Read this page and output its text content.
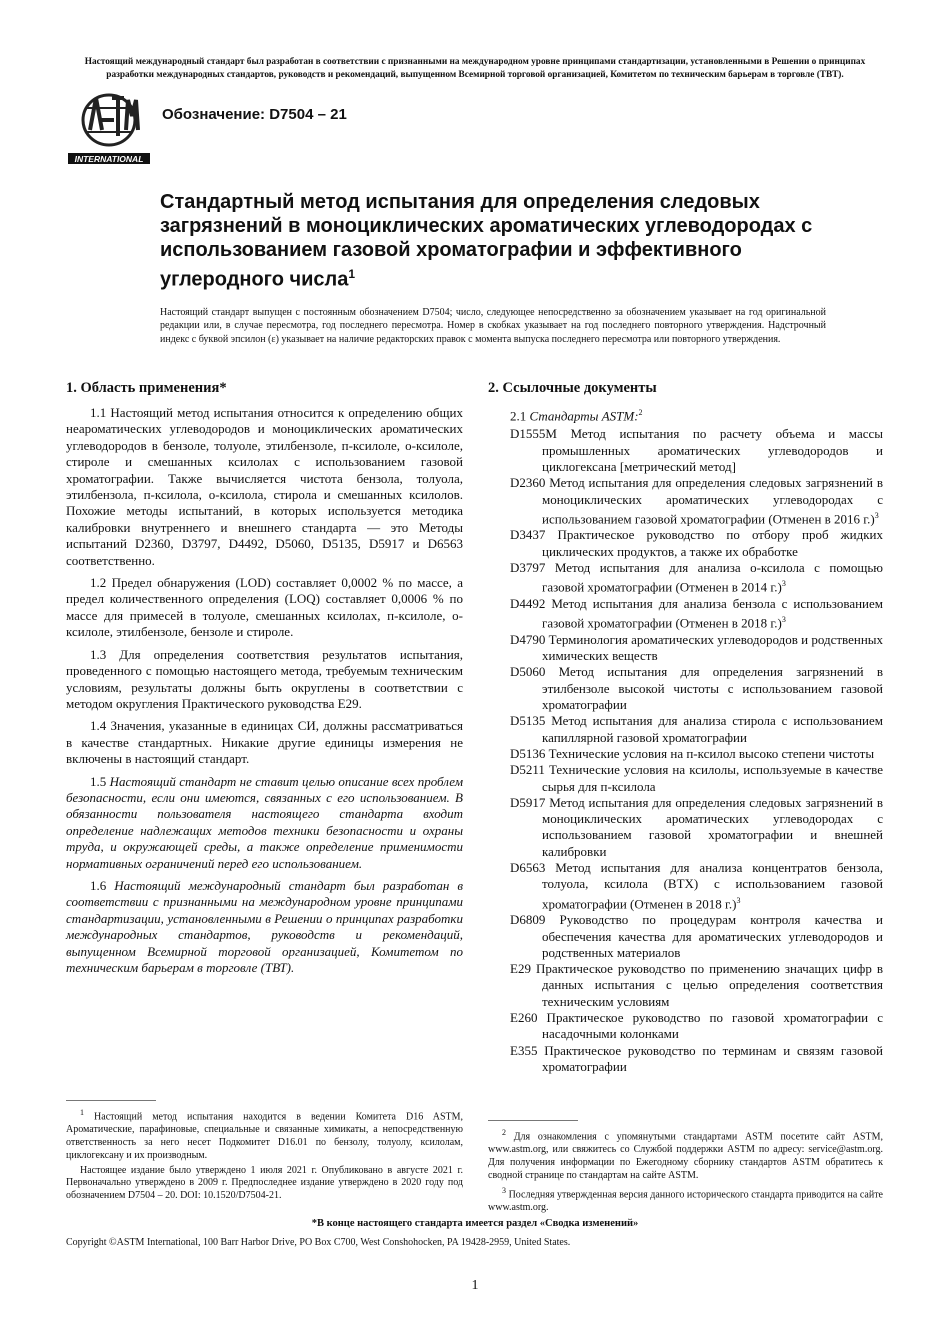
Настоящий международный стандарт был разработан в соответствии с признанными на международном уровне принципами стандартизации, установленными в Решении о принципах разработки международных стандартов, руководств и рекомендаций, выпущенном Всемирной торговой организацией, Комитетом по техническим барьерам в торговле (ТВТ).
INTERNATIONAL
Обозначение: D7504 – 21
Стандартный метод испытания для определения следовых загрязнений в моноциклических ароматических углеводородах с использованием газовой хроматографии и эффективного углеродного числа$^1$
Настоящий стандарт выпущен с постоянным обозначением D7504; число, следующее непосредственно за обозначением указывает на год оригинальной редакции или, в случае пересмотра, год последнего пересмотра. Номер в скобках указывает на год последнего повторного утверждения. Надстрочный индекс с буквой эпсилон (ε) указывает на наличие редакторских правок с момента выпуска последнего пересмотра или повторного утверждения.
1. Область применения*

1.1 Настоящий метод испытания относится к определению общих неароматических углеводородов и моноциклических ароматических углеводородов в бензоле, толуоле, этилбензоле, п-ксилоле, о-ксилоле, стироле и смешанных ксилолах с использованием газовой хроматографии. Также вычисляется чистота бензола, толуола, этилбензола, п-ксилола, о-ксилола, стирола и смешанных ксилолов. Похожие методы испытаний, в которых используется методика калибровки внутреннего и внешнего стандарта — это Методы испытаний D2360, D3797, D4492, D5060, D5135, D5917 и D6563 соответственно.

1.2 Предел обнаружения (LOD) составляет 0,0002 % по массе, а предел количественного определения (LOQ) составляет 0,0006 % по массе для примесей в толуоле, смешанных ксилолах, п-ксилоле, о-ксилоле, этилбензоле, бензоле и стироле.

1.3 Для определения соответствия результатов испытания, проведенного с помощью настоящего метода, требуемым техническим условиям, результаты должны быть округлены в соответствии с методом округления Практического руководства E29.

1.4 Значения, указанные в единицах СИ, должны рассматриваться в качестве стандартных. Никакие другие единицы измерения не включены в настоящий стандарт.

1.5 Настоящий стандарт не ставит целью описание всех проблем безопасности, если они имеются, связанных с его использованием. В обязанности пользователя настоящего стандарта входит определение надлежащих методов техники безопасности и охраны труда, и окружающей среды, а также определение применимости нормативных ограничений перед его использованием.

1.6 Настоящий международный стандарт был разработан в соответствии с признанными на международном уровне принципами стандартизации, установленными в Решении о принципах разработки международных стандартов, руководств и рекомендаций, выпущенном Всемирной торговой организацией, Комитетом по техническим барьерам в торговле (ТВТ).

2. Ссылочные документы
2.1 Стандарты ASTM:$^2$
D1555M Метод испытания по расчету объема и массы промышленных ароматических углеводородов и циклогексана [метрический метод]
D2360 Метод испытания для определения следовых загрязнений в моноциклических ароматических углеводородах с использованием газовой хроматографии (Отменен в 2016 г.)$^3$
D3437 Практическое руководство по отбору проб жидких циклических продуктов, а также их обработке
D3797 Метод испытания для анализа о-ксилола с помощью газовой хроматографии (Отменен в 2014 г.)$^3$
D4492 Метод испытания для анализа бензола с использованием газовой хроматографии (Отменен в 2018 г.)$^3$
D4790 Терминология ароматических углеводородов и родственных химических веществ
D5060 Метод испытания для определения загрязнений в этилбензоле высокой чистоты с использованием газовой хроматографии
D5135 Метод испытания для анализа стирола с использованием капиллярной газовой хроматографии
D5136 Технические условия на п-ксилол высоко степени чистоты
D5211 Технические условия на ксилолы, используемые в качестве сырья для п-ксилола
D5917 Метод испытания для определения следовых загрязнений в моноциклических ароматических углеводородах с использованием газовой хроматографии и внешней калибровки
D6563 Метод испытания для анализа концентратов бензола, толуола, ксилола (BTX) с использованием газовой хроматографии (Отменен в 2018 г.)$^3$
D6809 Руководство по процедурам контроля качества и обеспечения качества для ароматических углеводородов и родственных материалов
E29 Практическое руководство по применению значащих цифр в данных испытания с целью определения соответствия техническим условиям
E260 Практическое руководство по газовой хроматографии с насадочными колонками
E355 Практическое руководство по терминам и связям газовой хроматографии

$^1$ Настоящий метод испытания находится в ведении Комитета D16 ASTM, Ароматические, парафиновые, специальные и связанные химикаты, а непосредственную ответственность за него несет Подкомитет D16.01 по бензолу, толуолу, ксилолам, циклогексану и их производным.

Настоящее издание было утверждено 1 июля 2021 г. Опубликовано в августе 2021 г. Первоначально утверждено в 2009 г. Предпоследнее издание утверждено в 2020 году под обозначением D7504 – 20. DOI: 10.1520/D7504-21.

$^2$ Для ознакомления с упомянутыми стандартами ASTM посетите сайт ASTM, www.astm.org, или свяжитесь со Службой поддержки ASTM по адресу: service@astm.org. Для получения информации по Ежегодному сборнику стандартов ASTM обратитесь к сводной странице по стандартам на сайте ASTM.

$^3$ Последняя утвержденная версия данного исторического стандарта приводится на сайте www.astm.org.

*В конце настоящего стандарта имеется раздел «Сводка изменений»
Copyright ©ASTM International, 100 Barr Harbor Drive, PO Box C700, West Conshohocken, PA 19428-2959, United States.
1
